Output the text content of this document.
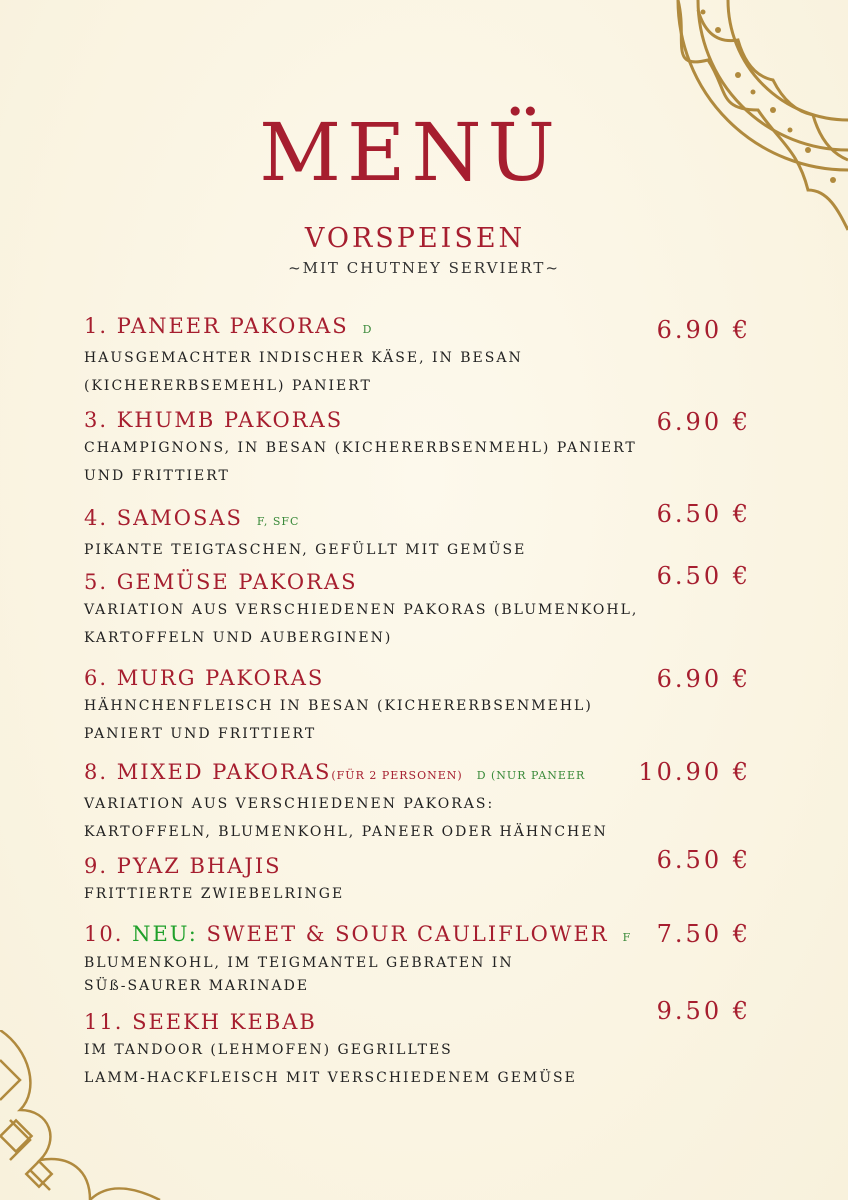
MENÜ
VORSPEISEN
~MIT CHUTNEY SERVIERT~
1. PANEER PAKORAS D
HAUSGEMACHTER INDISCHER KÄSE, IN BESAN
(KICHERERBSEMEHL) PANIERT
6.90 €
3. KHUMB PAKORAS
CHAMPIGNONS, IN BESAN (KICHERERBSENMEHL) PANIERT
UND FRITTIERT
6.90 €
4. SAMOSAS F, SFC
PIKANTE TEIGTASCHEN, GEFÜLLT MIT GEMÜSE
6.50 €
5. GEMÜSE PAKORAS
VARIATION AUS VERSCHIEDENEN PAKORAS (BLUMENKOHL,
KARTOFFELN UND AUBERGINEN)
6.50 €
6. MURG PAKORAS
HÄHNCHENFLEISCH IN BESAN (KICHERERBSENMEHL)
PANIERT UND FRITTIERT
6.90 €
8. MIXED PAKORAS(FÜR 2 PERSONEN) D (NUR PANEER
VARIATION AUS VERSCHIEDENEN PAKORAS:
KARTOFFELN, BLUMENKOHL, PANEER ODER HÄHNCHEN
10.90 €
9. PYAZ BHAJIS
FRITTIERTE ZWIEBELRINGE
6.50 €
10. NEU: SWEET & SOUR CAULIFLOWER F
BLUMENKOHL, IM TEIGMANTEL GEBRATEN IN
SÜß-SAURER MARINADE
7.50 €
11. SEEKH KEBAB
IM TANDOOR (LEHMOFEN) GEGRILLTES
LAMM-HACKFLEISCH MIT VERSCHIEDENEM GEMÜSE
9.50 €
